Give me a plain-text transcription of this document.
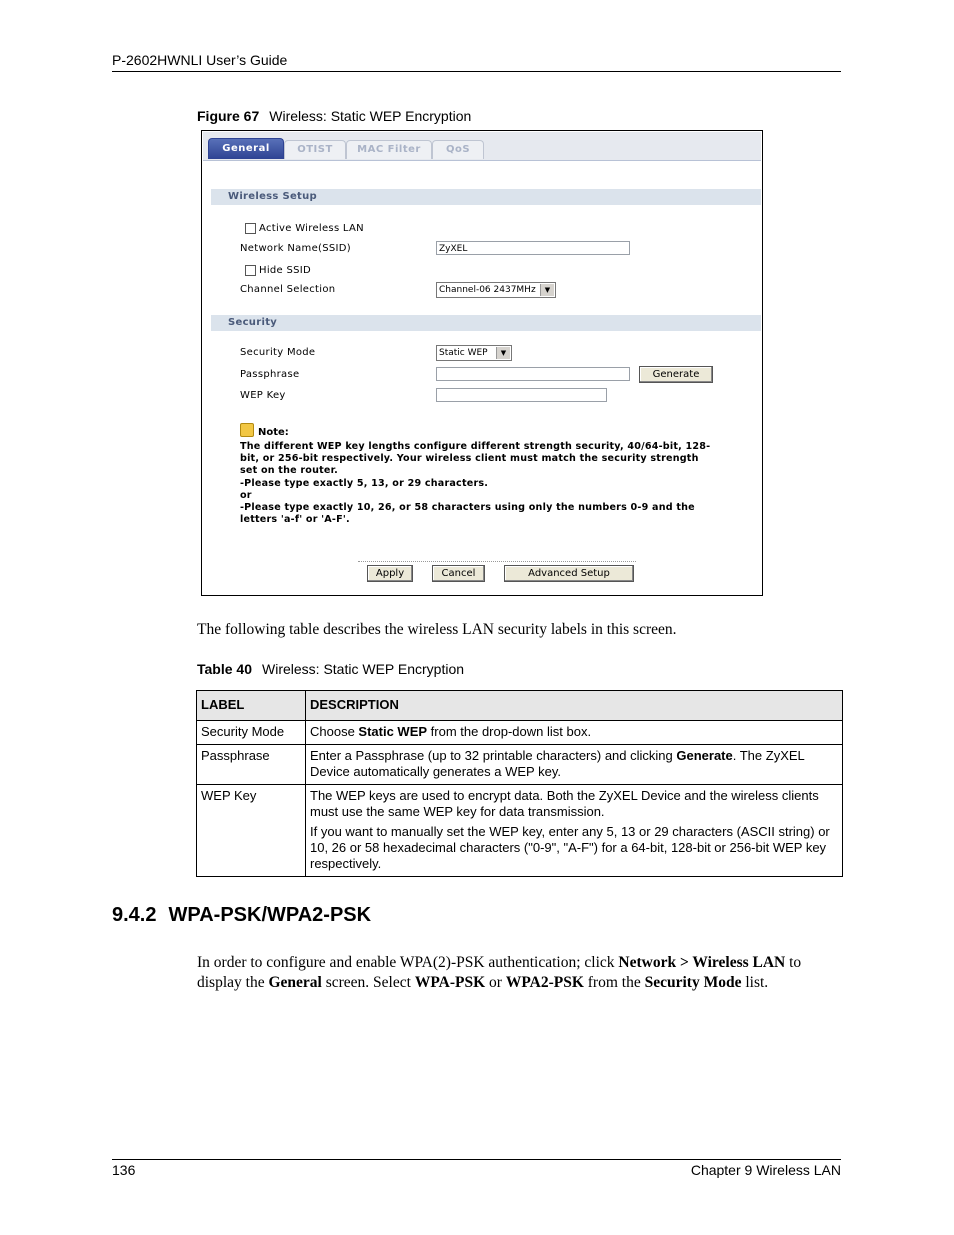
P-2602HWNLI User’s Guide
Figure 67 Wireless: Static WEP Encryption
General	OTIST	MAC Filter	QoS
Wireless Setup
Active Wireless LAN
Network Name(SSID)	ZyXEL
Hide SSID
Channel Selection	Channel-06 2437MHz	▼
Security
Security Mode	Static WEP	▼
Passphrase	Generate
WEP Key
Note:
The different WEP key lengths configure different strength security, 40/64-bit, 128-
bit, or 256-bit respectively. Your wireless client must match the security strength
set on the router.
-Please type exactly 5, 13, or 29 characters.
or
-Please type exactly 10, 26, or 58 characters using only the numbers 0-9 and the
letters 'a-f' or 'A-F'.
Apply	Cancel	Advanced Setup
The following table describes the wireless LAN security labels in this screen.
Table 40 Wireless: Static WEP Encryption
LABEL	DESCRIPTION
Security Mode	Choose Static WEP from the drop-down list box.
Passphrase	Enter a Passphrase (up to 32 printable characters) and clicking Generate. The ZyXEL Device automatically generates a WEP key.
WEP Key	The WEP keys are used to encrypt data. Both the ZyXEL Device and the wireless clients must use the same WEP key for data transmission.

If you want to manually set the WEP key, enter any 5, 13 or 29 characters (ASCII string) or 10, 26 or 58 hexadecimal characters ("0-9", "A-F") for a 64-bit, 128-bit or 256-bit WEP key respectively.

9.4.2 WPA-PSK/WPA2-PSK
In order to configure and enable WPA(2)-PSK authentication; click Network > Wireless LAN to display the General screen. Select WPA-PSK or WPA2-PSK from the Security Mode list.
136	Chapter 9 Wireless LAN
